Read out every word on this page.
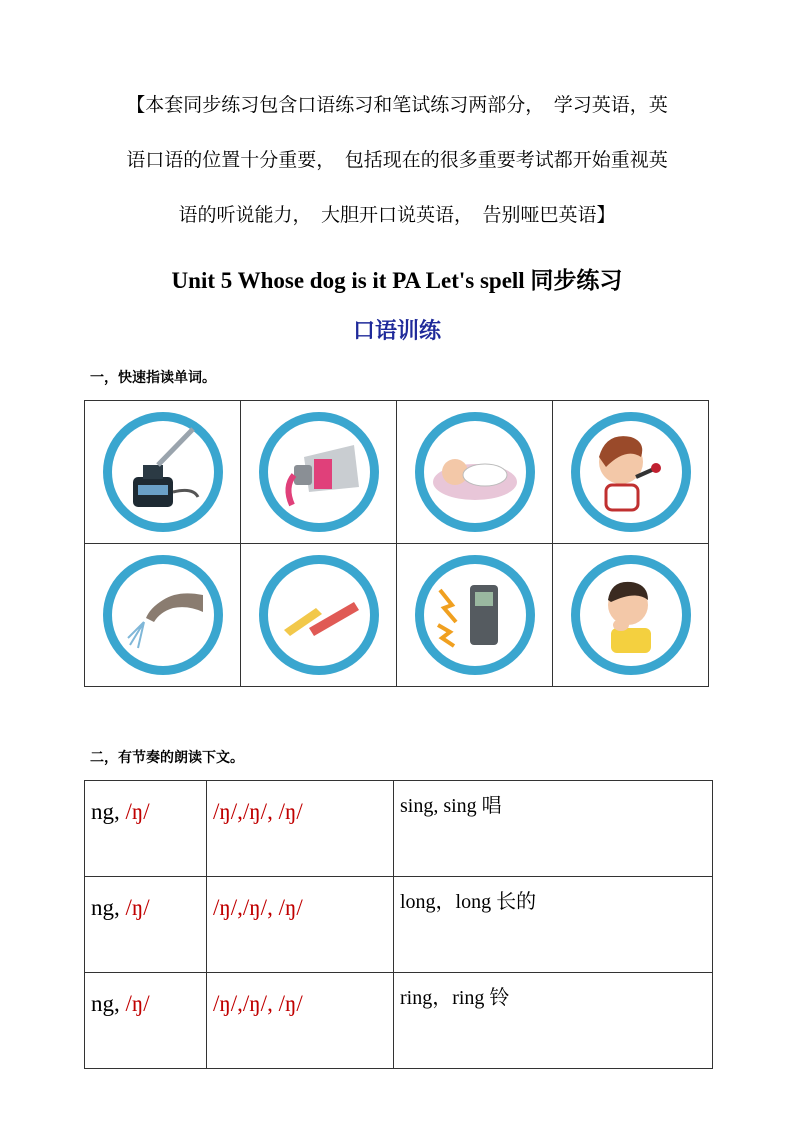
【本套同步练习包含口语练习和笔试练习两部分，　学习英语，英
语口语的位置十分重要，　包括现在的很多重要考试都开始重视英
语的听说能力，　大胆开口说英语，　告别哑巴英语】
Unit 5 Whose dog is it PA Let's spell 同步练习
口语训练
一，快速指读单词。

二，有节奏的朗读下文。
ng, /ŋ/	/ŋ/,/ŋ/, /ŋ/	sing, sing 唱
ng, /ŋ/	/ŋ/,/ŋ/, /ŋ/	long，long 长的
ng, /ŋ/	/ŋ/,/ŋ/, /ŋ/	ring，ring 铃
